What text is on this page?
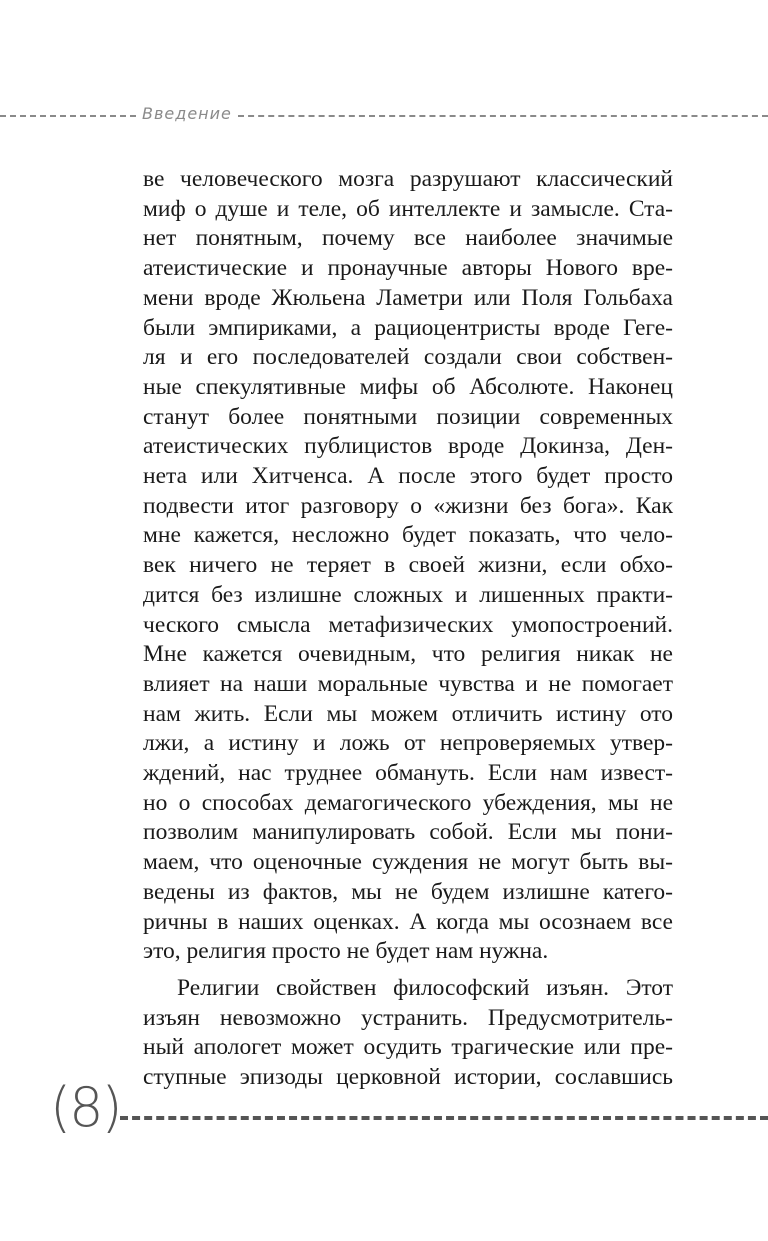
Введение

ве человеческого мозга разрушают классический

миф о душе и теле, об интеллекте и замысле. Ста-

нет понятным, почему все наиболее значимые

атеистические и пронаучные авторы Нового вре-

мени вроде Жюльена Ламетри или Поля Гольбаха

были эмпириками, а рациоцентристы вроде Геге-

ля и его последователей создали свои собствен-

ные спекулятивные мифы об Абсолюте. Наконец

станут более понятными позиции современных

атеистических публицистов вроде Докинза, Ден-

нета или Хитченса. А после этого будет просто

подвести итог разговору о «жизни без бога». Как

мне кажется, несложно будет показать, что чело-

век ничего не теряет в своей жизни, если обхо-

дится без излишне сложных и лишенных практи-

ческого смысла метафизических умопостроений.

Мне кажется очевидным, что религия никак не

влияет на наши моральные чувства и не помогает

нам жить. Если мы можем отличить истину ото

лжи, а истину и ложь от непроверяемых утвер-

ждений, нас труднее обмануть. Если нам извест-

но о способах демагогического убеждения, мы не

позволим манипулировать собой. Если мы пони-

маем, что оценочные суждения не могут быть вы-

ведены из фактов, мы не будем излишне катего-

ричны в наших оценках. А когда мы осознаем все

это, религия просто не будет нам нужна.

Религии свойствен философский изъян. Этот

изъян невозможно устранить. Предусмотритель-

ный апологет может осудить трагические или пре-

ступные эпизоды церковной истории, сославшись

(8)
